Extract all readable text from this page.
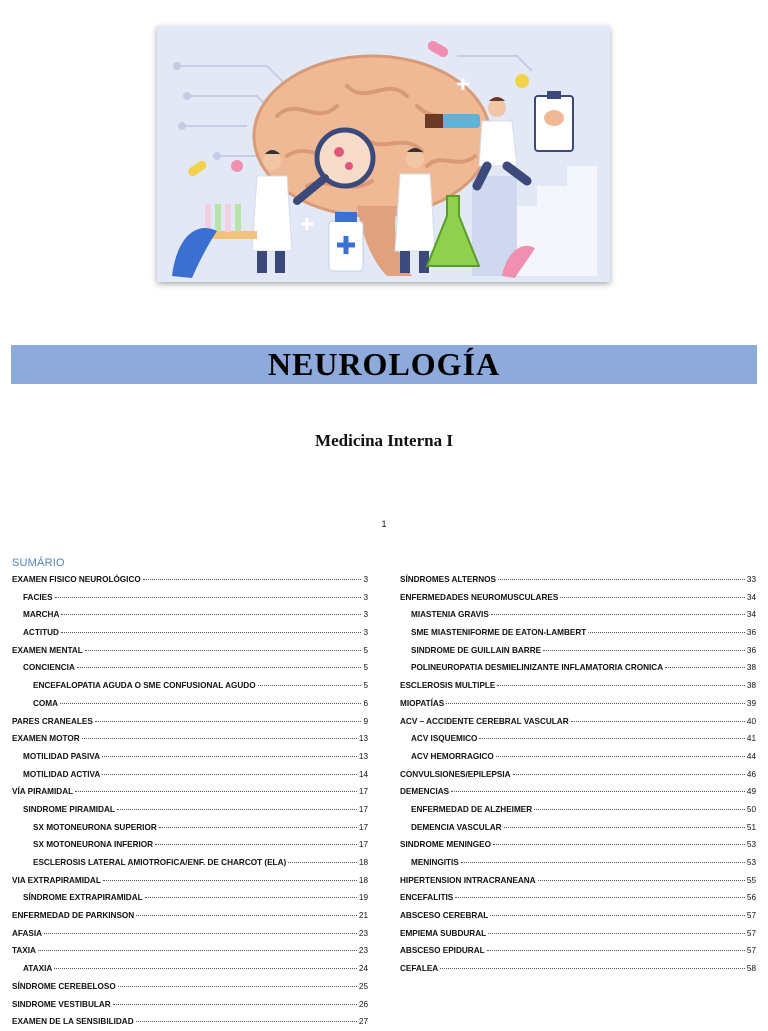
NEUROLOGÍA
Medicina Interna I
1
SUMÁRIO
EXAMEN FISICO NEUROLÓGICO	3
FACIES	3
MARCHA	3
ACTITUD	3
EXAMEN MENTAL	5
CONCIENCIA	5
ENCEFALOPATIA AGUDA O SME CONFUSIONAL AGUDO	5
COMA	6
PARES CRANEALES	9
EXAMEN MOTOR	13
MOTILIDAD PASIVA	13
MOTILIDAD ACTIVA	14
VÍA PIRAMIDAL	17
SINDROME PIRAMIDAL	17
SX MOTONEURONA SUPERIOR	17
SX MOTONEURONA INFERIOR	17
ESCLEROSIS LATERAL AMIOTROFICA/ENF. DE CHARCOT (ELA)	18
VIA EXTRAPIRAMIDAL	18
SÍNDROME EXTRAPIRAMIDAL	19
ENFERMEDAD DE PARKINSON	21
AFASIA	23
TAXIA	23
ATAXIA	24
SÍNDROME CEREBELOSO	25
SINDROME VESTIBULAR	26
EXAMEN DE LA SENSIBILIDAD	27
SÍNDROMES ALTERNOS	33
ENFERMEDADES NEUROMUSCULARES	34
MIASTENIA GRAVIS	34
SME MIASTENIFORME DE EATON-LAMBERT	36
SINDROME DE GUILLAIN BARRE	36
POLINEUROPATIA DESMIELINIZANTE INFLAMATORIA CRONICA	38
ESCLEROSIS MULTIPLE	38
MIOPATÍAS	39
ACV – ACCIDENTE CEREBRAL VASCULAR	40
ACV ISQUEMICO	41
ACV HEMORRAGICO	44
CONVULSIONES/EPILEPSIA	46
DEMENCIAS	49
ENFERMEDAD DE ALZHEIMER	50
DEMENCIA VASCULAR	51
SINDROME MENINGEO	53
MENINGITIS	53
HIPERTENSION INTRACRANEANA	55
ENCEFALITIS	56
ABSCESO CEREBRAL	57
EMPIEMA SUBDURAL	57
ABSCESO EPIDURAL	57
CEFALEA	58
